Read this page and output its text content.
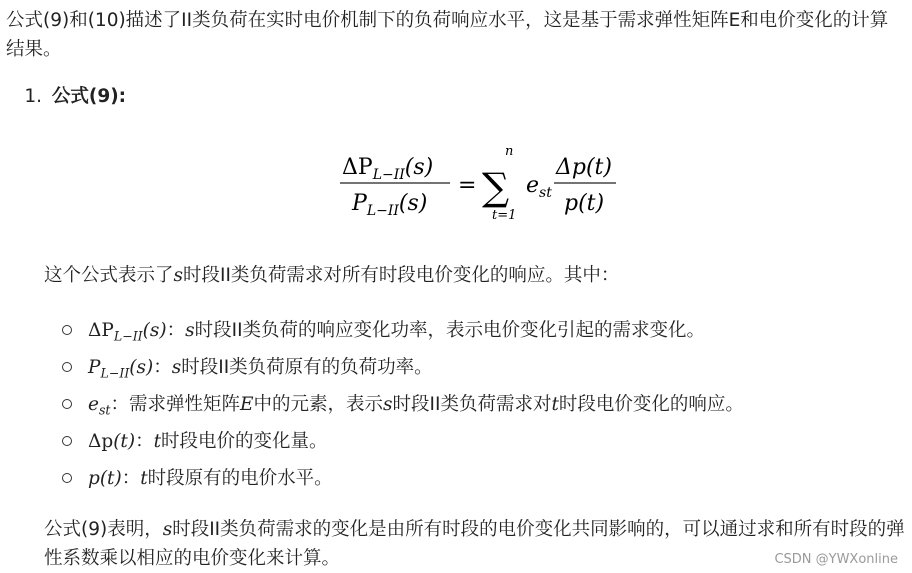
公式(9)和(10)描述了II类负荷在实时电价机制下的负荷响应水平，这是基于需求弹性矩阵E和电价变化的计算结果。
1. 公式(9):
$\Delta P_{L-II}(s)$
$P_{L-II}(s)$
=
n
∑
t=1
$e_{st}$
Δp(t)
p(t)
这个公式表示了s时段II类负荷需求对所有时段电价变化的响应。其中：
$\Delta P_{L-II}(s)$：s时段II类负荷的响应变化功率，表示电价变化引起的需求变化。
$P_{L-II}(s)$：s时段II类负荷原有的负荷功率。
$e_{st}$：需求弹性矩阵E中的元素，表示s时段II类负荷需求对t时段电价变化的响应。
Δp(t)：t时段电价的变化量。
p(t)：t时段原有的电价水平。
公式(9)表明，s时段II类负荷需求的变化是由所有时段的电价变化共同影响的，可以通过求和所有时段的弹性系数乘以相应的电价变化来计算。	CSDN @YWXonline
